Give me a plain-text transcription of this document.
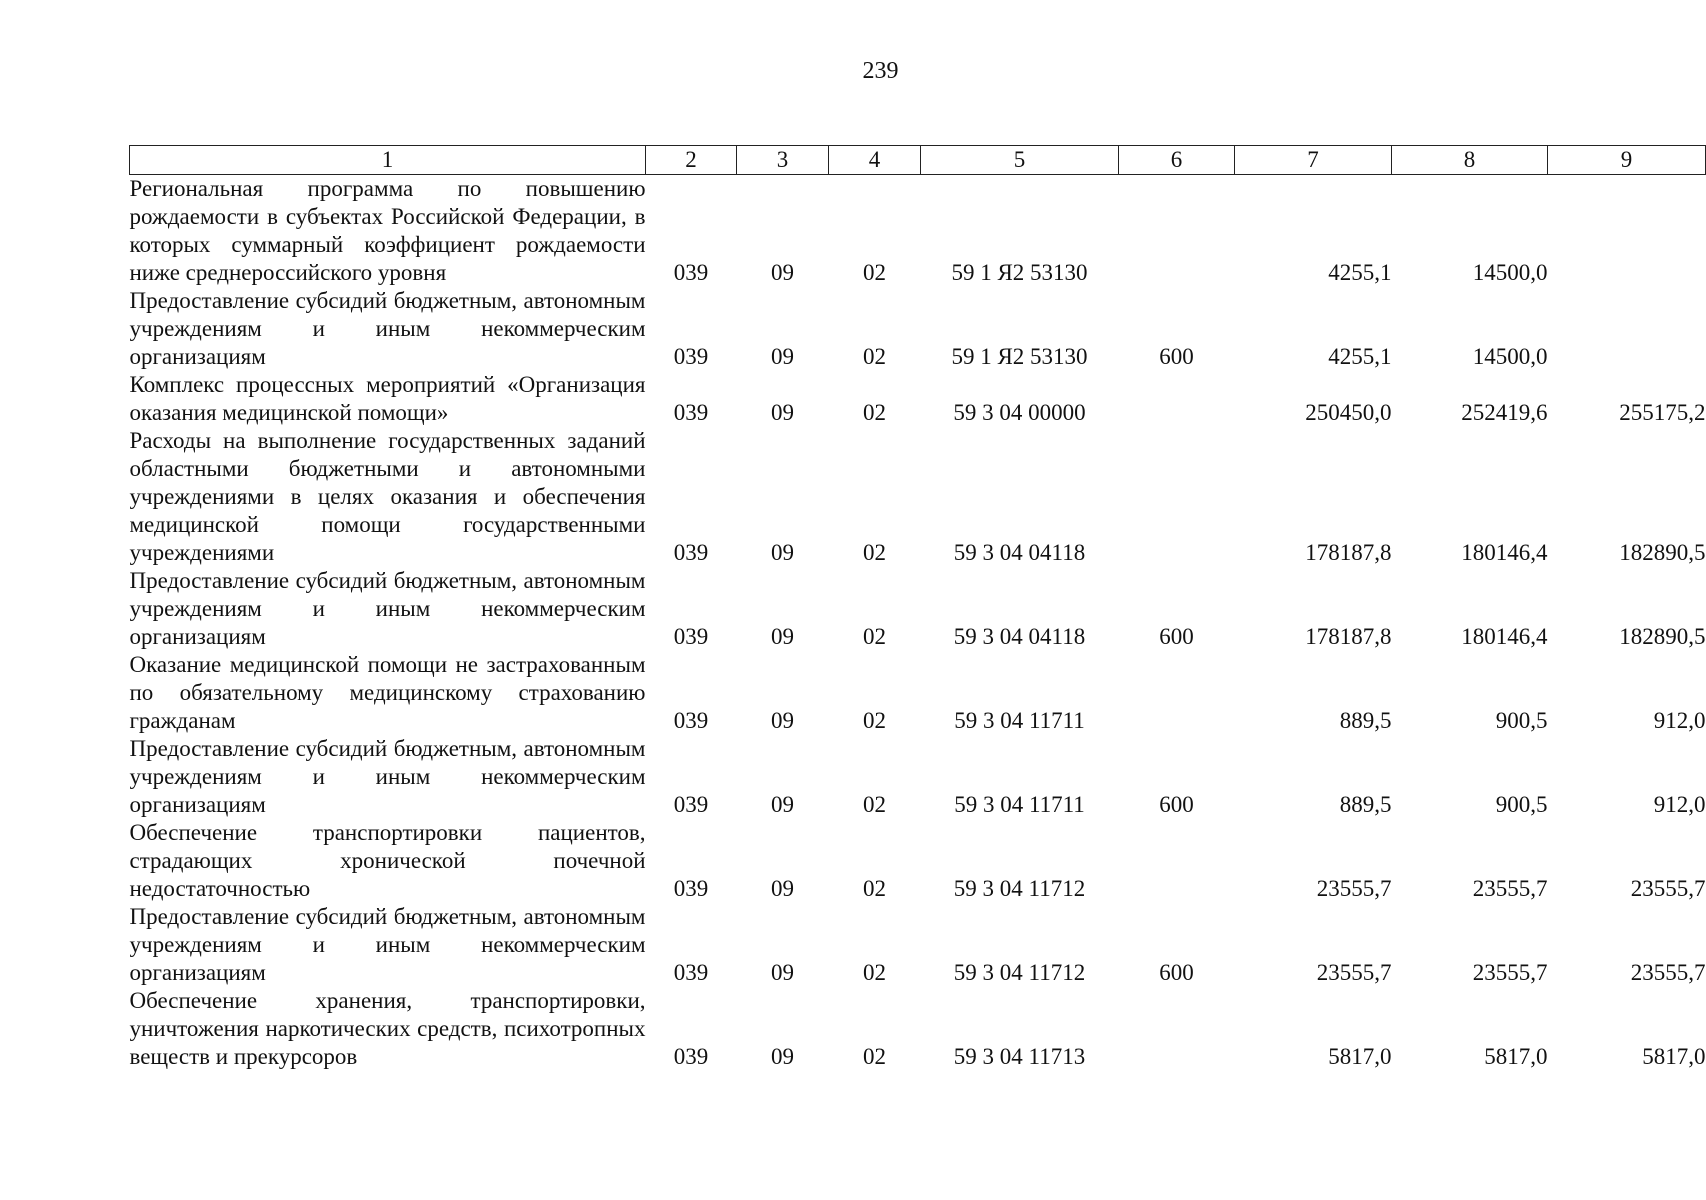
239
1	2	3	4	5	6	7	8	9
Региональная программа по повышению рождаемости в субъектах Российской Федерации, в которых суммарный коэффициент рождаемости ниже среднероссийского уровня	039	09	02	59 1 Я2 53130		4255,1	14500,0	
Предоставление субсидий бюджетным, автономным учреждениям и иным некоммерческим организациям	039	09	02	59 1 Я2 53130	600	4255,1	14500,0	
Комплекс процессных мероприятий «Организация оказания медицинской помощи»	039	09	02	59 3 04 00000		250450,0	252419,6	255175,2
Расходы на выполнение государственных заданий областными бюджетными и автономными учреждениями в целях оказания и обеспечения медицинской помощи государственными учреждениями	039	09	02	59 3 04 04118		178187,8	180146,4	182890,5
Предоставление субсидий бюджетным, автономным учреждениям и иным некоммерческим организациям	039	09	02	59 3 04 04118	600	178187,8	180146,4	182890,5
Оказание медицинской помощи не застрахованным по обязательному медицинскому страхованию гражданам	039	09	02	59 3 04 11711		889,5	900,5	912,0
Предоставление субсидий бюджетным, автономным учреждениям и иным некоммерческим организациям	039	09	02	59 3 04 11711	600	889,5	900,5	912,0
Обеспечение транспортировки пациентов, страдающих хронической почечной недостаточностью	039	09	02	59 3 04 11712		23555,7	23555,7	23555,7
Предоставление субсидий бюджетным, автономным учреждениям и иным некоммерческим организациям	039	09	02	59 3 04 11712	600	23555,7	23555,7	23555,7
Обеспечение хранения, транспортировки, уничтожения наркотических средств, психотропных веществ и прекурсоров	039	09	02	59 3 04 11713		5817,0	5817,0	5817,0
